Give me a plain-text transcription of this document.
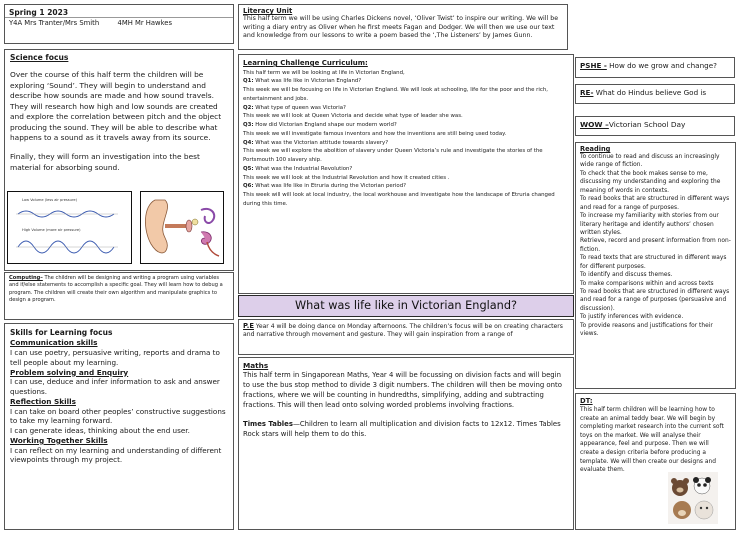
Spring 1 2023
Y4A Mrs Tranter/Mrs Smith	4MH Mr Hawkes
Science focus
Over the course of this half term the children will be exploring ‘Sound’. They will begin to understand and describe how sounds are made and how sound travels. They will research how high and low sounds are created and explore the correlation between pitch and the object producing the sound. They will be able to describe what happens to a sound as it travels away from its source.
Finally, they will form an investigation into the best material for absorbing sound.
Low Volume (less air pressure)
High Volume (more air pressure)
Computing– The children will be designing and writing a program using variables and if/else statements to accomplish a specific goal. They will learn how to debug a program. The children will create their own algorithm and manipulate graphics to design a program.
Skills for Learning focus
Communication skills
I can use poetry, persuasive writing, reports and drama to tell people about my learning.
Problem solving and Enquiry
I can use, deduce and infer information to ask and answer questions.
Reflection Skills
I can take on board other peoples’ constructive suggestions to take my learning forward.
I can generate ideas, thinking about the end user.
Working Together Skills
I can reflect on my learning and understanding of different viewpoints through my project.
Literacy Unit
This half term we will be using Charles Dickens novel, ‘Oliver Twist’ to inspire our writing. We will be writing a diary entry as Oliver when he first meets Fagan and Dodger. We will then we use our text and knowledge from our lessons to write a poem based the ‘,The Listeners’ by James Gunn.
Learning Challenge Curriculum:
This half term we will be looking at life in Victorian England,
Q1: What was life like in Victorian England?
This week we will be focusing on life in Victorian England. We will look at schooling, life for the poor and the rich, entertainment and jobs.
Q2: What type of queen was Victoria?
This week we will look at Queen Victoria and decide what type of leader she was.
Q3: How did Victorian England shape our modern world?
This week we will investigate famous inventors and how the inventions are still being used today.
Q4: What was the Victorian attitude towards slavery?
This week we will explore the abolition of slavery under Queen Victoria’s rule and investigate the stories of the Portsmouth 100 slavery ship.
Q5: What was the Industrial Revolution?
This week we will look at the Industrial Revolution and how it created cities .
Q6: What was life like in Etruria during the Victorian period?
This week will will look at local industry, the local workhouse and investigate how the landscape of Etruria changed during this time.
What was life like in Victorian England?
P.E Year 4 will be doing dance on Monday afternoons. The children’s focus will be on creating characters and narrative through movement and gesture. They will gain inspiration from a range of
Maths
This half term in Singaporean Maths, Year 4 will be focussing on division facts and will begin to use the bus stop method to divide 3 digit numbers. The children will then be moving onto fractions, where we will be counting in hundredths, simplifying, adding and subtracting fractions. This will then lead onto solving worded problems involving fractions.
Times Tables—Children to learn all multiplication and division facts to 12x12. Times Tables Rock stars will help them to do this.
PSHE - How do we grow and change?
RE- What do Hindus believe God is
WOW –Victorian School Day
Reading
To continue to read and discuss an increasingly wide range of fiction.
To check that the book makes sense to me, discussing my understanding and exploring the meaning of words in contexts.
To read books that are structured in different ways and read for a range of purposes.
To increase my familiarity with stories from our literary heritage and identify authors’ chosen written styles.
Retrieve, record and present information from non-fiction.
To read texts that are structured in different ways for different purposes.
To identify and discuss themes.
To make comparisons within and across texts
To read books that are structured in different ways and read for a range of purposes (persuasive and discussion).
To justify inferences with evidence.
To provide reasons and justifications for their views.
DT:
This half term children will be learning how to create an animal teddy bear. We will begin by completing market research into the current soft toys on the market. We will analyse their appearance, feel and purpose. Then we will create a design criteria before producing a template. We will then create our designs and evaluate them.
